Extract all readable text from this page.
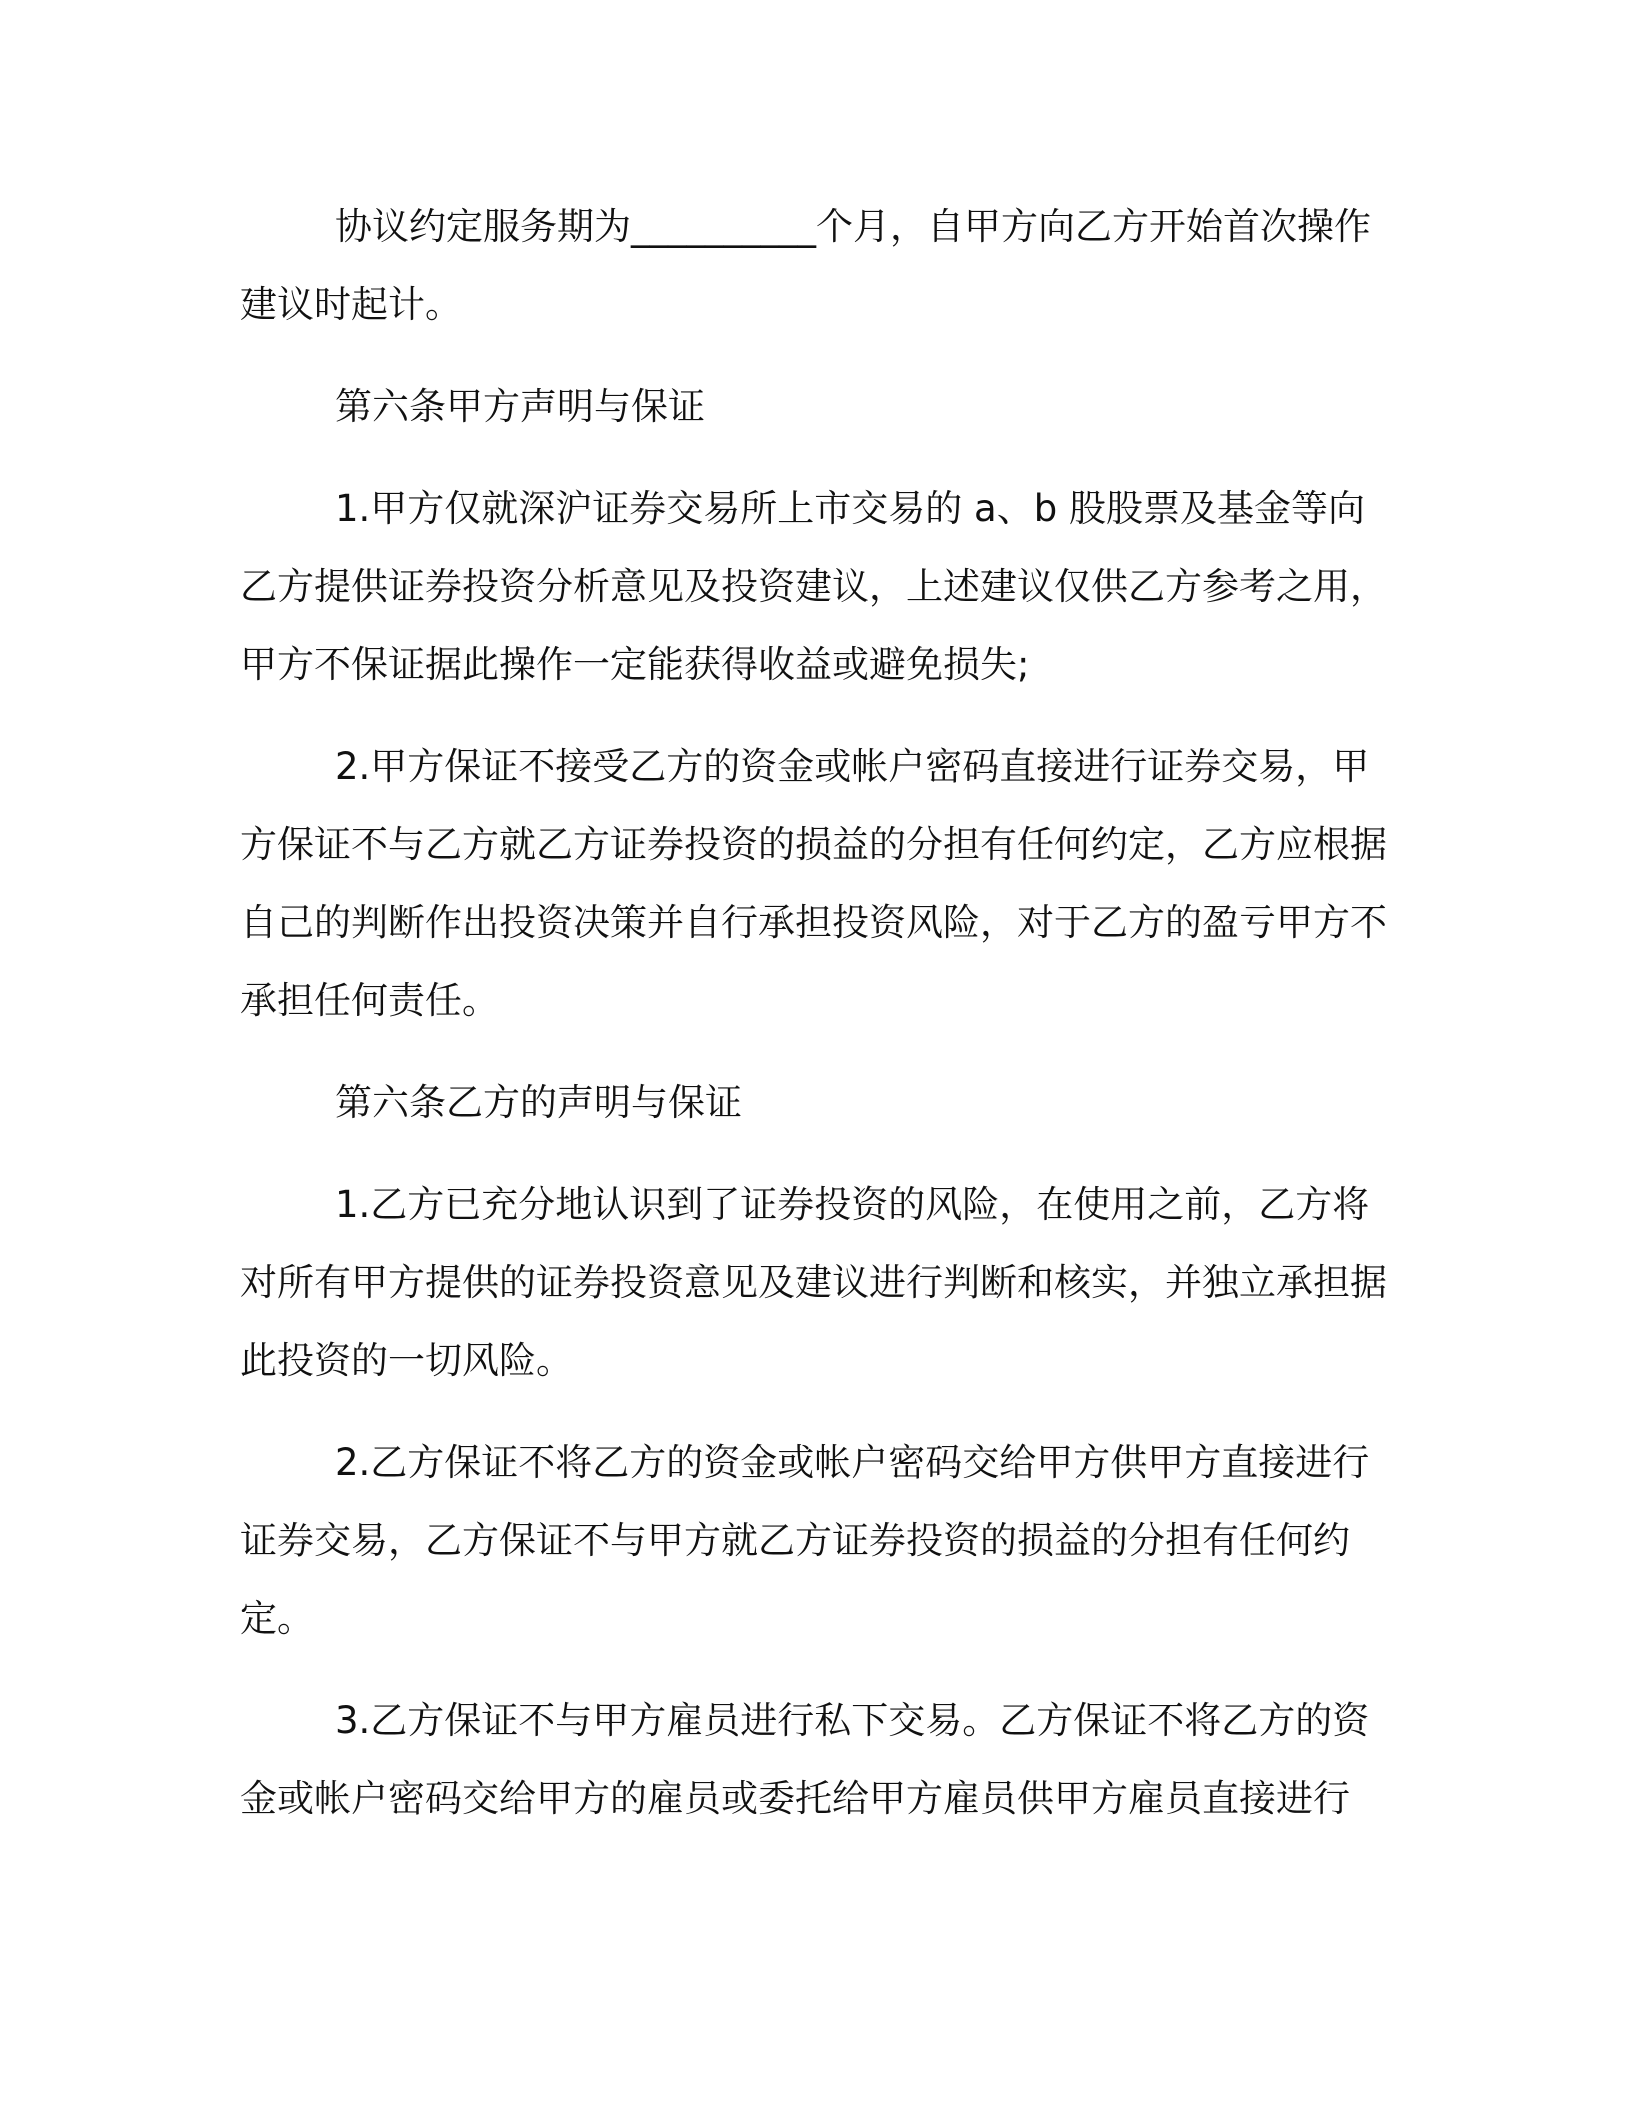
协议约定服务期为__________个月，自甲方向乙方开始首次操作建议时起计。

第六条甲方声明与保证

1.甲方仅就深沪证券交易所上市交易的 a、b 股股票及基金等向乙方提供证券投资分析意见及投资建议，上述建议仅供乙方参考之用，甲方不保证据此操作一定能获得收益或避免损失;

2.甲方保证不接受乙方的资金或帐户密码直接进行证券交易，甲方保证不与乙方就乙方证券投资的损益的分担有任何约定，乙方应根据自己的判断作出投资决策并自行承担投资风险，对于乙方的盈亏甲方不承担任何责任。

第六条乙方的声明与保证

1.乙方已充分地认识到了证券投资的风险，在使用之前，乙方将对所有甲方提供的证券投资意见及建议进行判断和核实，并独立承担据此投资的一切风险。

2.乙方保证不将乙方的资金或帐户密码交给甲方供甲方直接进行证券交易，乙方保证不与甲方就乙方证券投资的损益的分担有任何约定。

3.乙方保证不与甲方雇员进行私下交易。乙方保证不将乙方的资金或帐户密码交给甲方的雇员或委托给甲方雇员供甲方雇员直接进行
